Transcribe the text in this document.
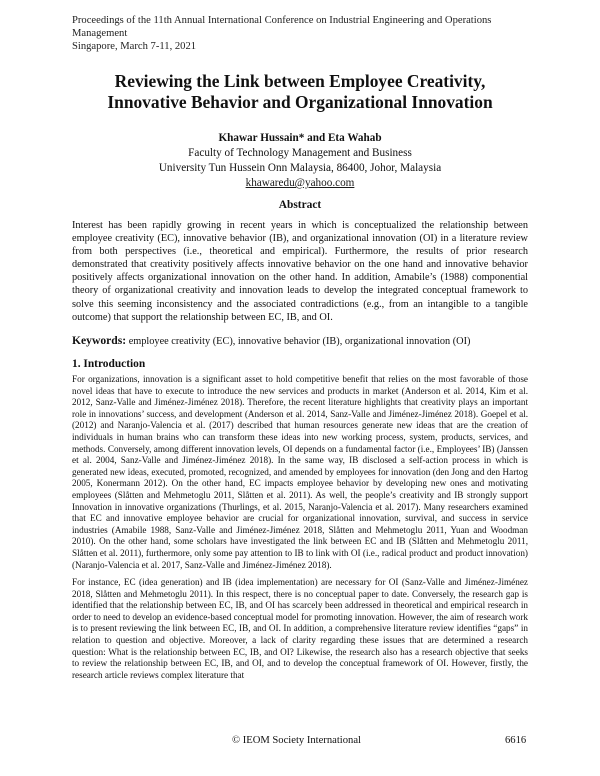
Proceedings of the 11th Annual International Conference on Industrial Engineering and Operations Management
Singapore, March 7-11, 2021
Reviewing the Link between Employee Creativity,
Innovative Behavior and Organizational Innovation
Khawar Hussain* and Eta Wahab
Faculty of Technology Management and Business
University Tun Hussein Onn Malaysia, 86400, Johor, Malaysia
khawaredu@yahoo.com
Abstract
Interest has been rapidly growing in recent years in which is conceptualized the relationship between employee creativity (EC), innovative behavior (IB), and organizational innovation (OI) in a literature review from both perspectives (i.e., theoretical and empirical). Furthermore, the results of prior research demonstrated that creativity positively affects innovative behavior on the one hand and innovative behavior positively affects organizational innovation on the other hand. In addition, Amabile’s (1988) componential theory of organizational creativity and innovation leads to develop the integrated conceptual framework to solve this seeming inconsistency and the associated contradictions (e.g., from an intangible to a tangible outcome) that support the relationship between EC, IB, and OI.
Keywords: employee creativity (EC), innovative behavior (IB), organizational innovation (OI)
1. Introduction

For organizations, innovation is a significant asset to hold competitive benefit that relies on the most favorable of those novel ideas that have to execute to introduce the new services and products in market (Anderson et al. 2014, Kim et al. 2012, Sanz-Valle and Jiménez-Jiménez 2018). Therefore, the recent literature highlights that creativity plays an important role in innovations’ success, and development (Anderson et al. 2014, Sanz-Valle and Jiménez-Jiménez 2018). Goepel et al. (2012) and Naranjo-Valencia et al. (2017) described that human resources generate new ideas that are the creation of individuals in human brains who can transform these ideas into new working process, system, products, services, and methods. Conversely, among different innovation levels, OI depends on a fundamental factor (i.e., Employees’ IB) (Janssen et al. 2004, Sanz-Valle and Jiménez-Jiménez 2018). In the same way, IB disclosed a self-action process in which is generated new ideas, executed, promoted, recognized, and amended by employees for innovation (den Jong and den Hartog 2005, Konermann 2012). On the other hand, EC impacts employee behavior by developing new ones and motivating employees (Slåtten and Mehmetoglu 2011, Slåtten et al. 2011). As well, the people’s creativity and IB strongly support Innovation in innovative organizations (Thurlings, et al. 2015, Naranjo-Valencia et al. 2017). Many researchers examined that EC and innovative employee behavior are crucial for organizational innovation, survival, and success in service industries (Amabile 1988, Sanz-Valle and Jiménez-Jiménez 2018, Slåtten and Mehmetoglu 2011, Yuan and Woodman 2010). On the other hand, some scholars have investigated the link between EC and IB (Slåtten and Mehmetoglu 2011, Slåtten et al. 2011), furthermore, only some pay attention to IB to link with OI (i.e., radical product and product innovation) (Naranjo-Valencia et al. 2017, Sanz-Valle and Jiménez-Jiménez 2018).

For instance, EC (idea generation) and IB (idea implementation) are necessary for OI (Sanz-Valle and Jiménez-Jiménez 2018, Slåtten and Mehmetoglu 2011). In this respect, there is no conceptual paper to date. Conversely, the research gap is identified that the relationship between EC, IB, and OI has scarcely been addressed in theoretical and empirical research in order to need to develop an evidence-based conceptual model for promoting innovation. However, the aim of research work is to present reviewing the link between EC, IB, and OI. In addition, a comprehensive literature review identifies “gaps” in relation to question and objective. Moreover, a lack of clarity regarding these issues that are determined a research question: What is the relationship between EC, IB, and OI? Likewise, the research also has a research objective that seeks to review the relationship between EC, IB, and OI, and to develop the conceptual framework of OI. However, firstly, the research article reviews complex literature that

© IEOM Society International	6616
